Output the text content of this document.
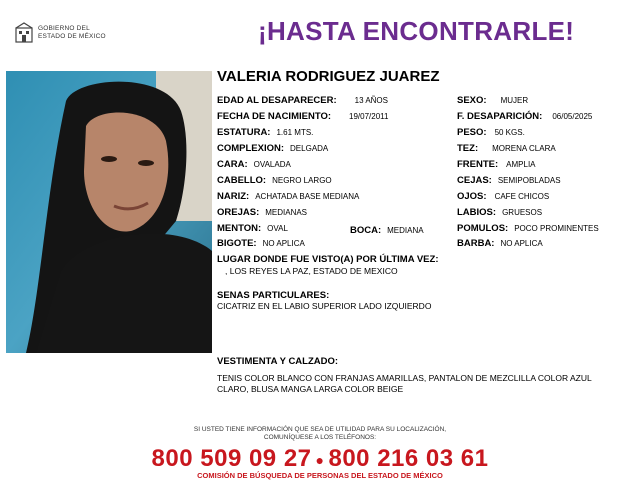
GOBIERNO DEL
ESTADO DE MÉXICO	¡HASTA ENCONTRARLE!
VALERIA RODRIGUEZ JUAREZ
EDAD AL DESAPARECER: 13 AÑOS
FECHA DE NACIMIENTO: 19/07/2011
ESTATURA: 1.61 MTS.
COMPLEXION: DELGADA
CARA: OVALADA
CABELLO: NEGRO LARGO
NARIZ: ACHATADA BASE MEDIANA
OREJAS: MEDIANAS
MENTON: OVAL	BOCA: MEDIANA
BIGOTE: NO APLICA
SEXO: MUJER
F. DESAPARICIÓN: 06/05/2025
PESO: 50 KGS.
TEZ: MORENA CLARA
FRENTE: AMPLIA
CEJAS: SEMIPOBLADAS
OJOS: CAFE CHICOS
LABIOS: GRUESOS
POMULOS: POCO PROMINENTES
BARBA: NO APLICA
LUGAR DONDE FUE VISTO(A) POR ÚLTIMA VEZ:
, LOS REYES LA PAZ, ESTADO DE MEXICO
SENAS PARTICULARES:
CICATRIZ EN EL LABIO SUPERIOR LADO IZQUIERDO
VESTIMENTA Y CALZADO:
TENIS COLOR BLANCO CON FRANJAS AMARILLAS, PANTALON DE MEZCLILLA COLOR AZUL CLARO, BLUSA MANGA LARGA COLOR BEIGE
SI USTED TIENE INFORMACIÓN QUE SEA DE UTILIDAD PARA SU LOCALIZACIÓN,
COMUNÍQUESE A LOS TELÉFONOS:
800 509 09 27 ● 800 216 03 61
COMISIÓN DE BÚSQUEDA DE PERSONAS DEL ESTADO DE MÉXICO
